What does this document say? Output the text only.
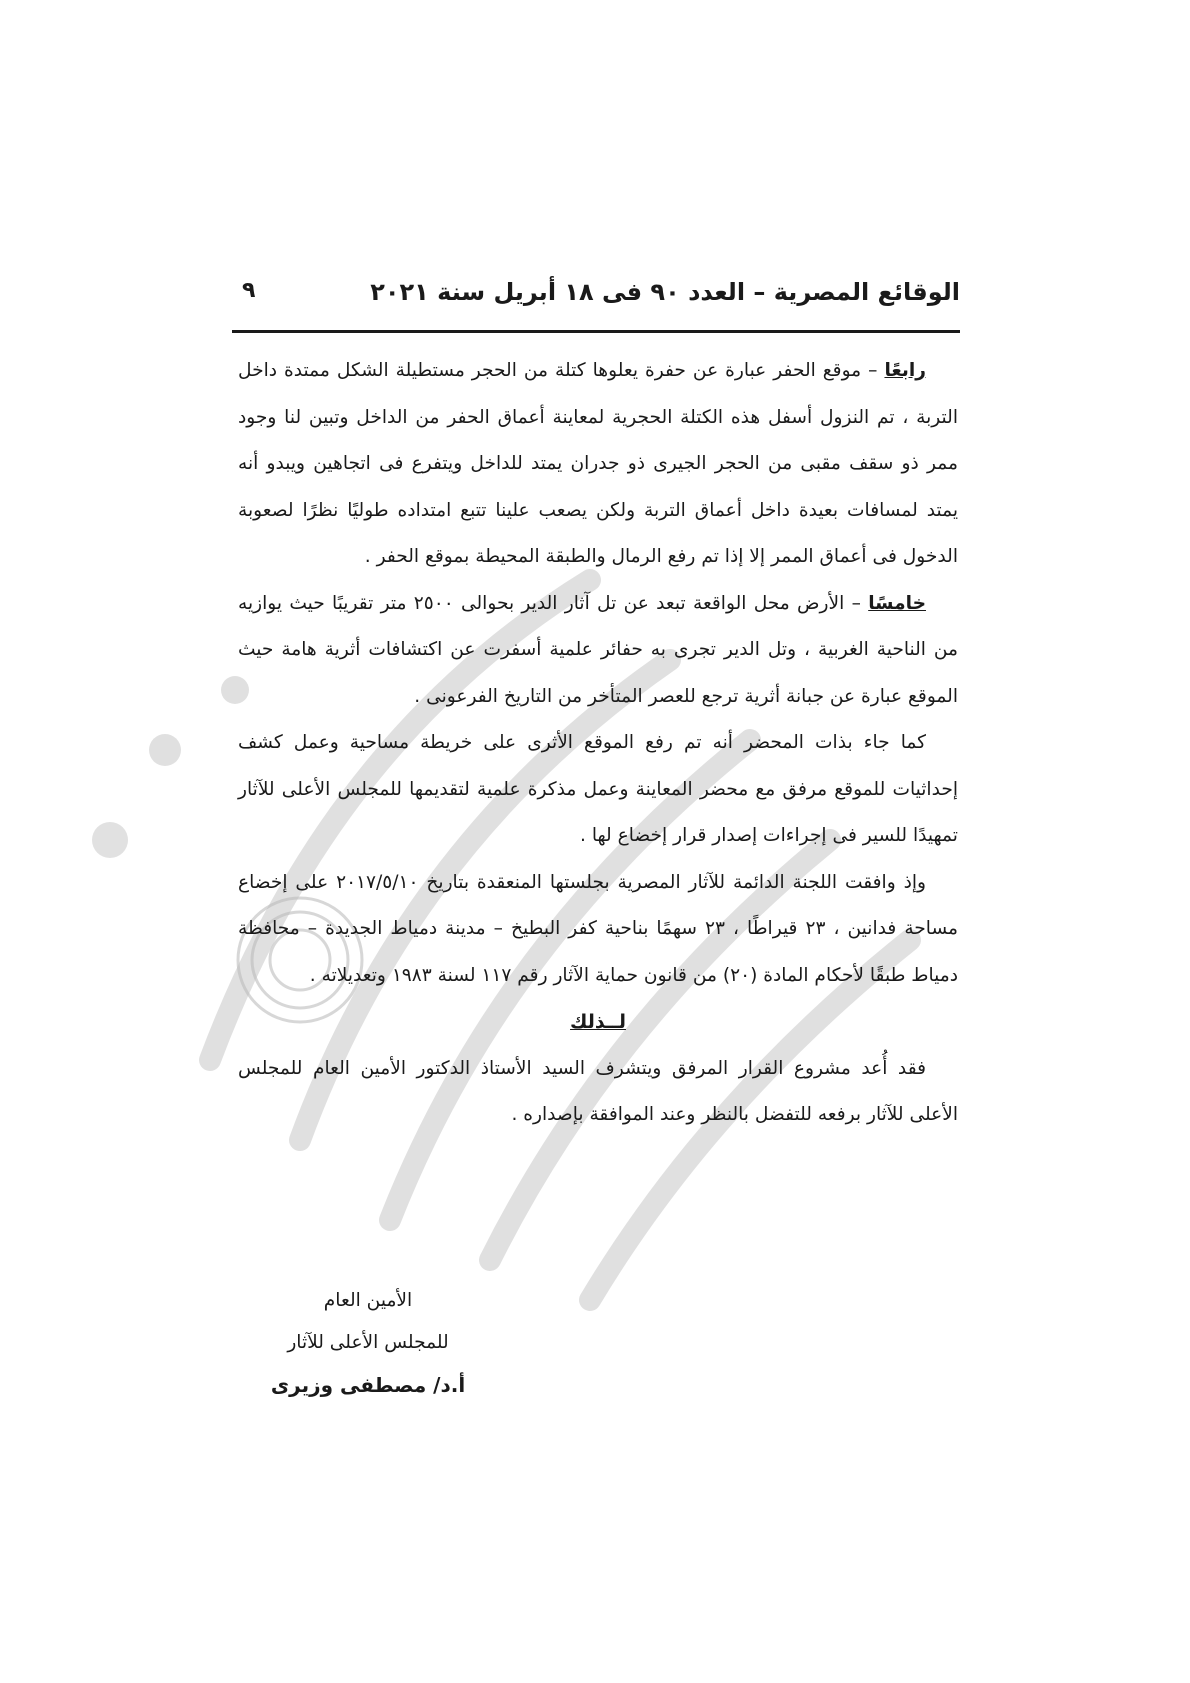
الوقائع المصرية – العدد ٩٠ فى ١٨ أبريل سنة ٢٠٢١
٩

رابعًا – موقع الحفر عبارة عن حفرة يعلوها كتلة من الحجر مستطيلة الشكل ممتدة داخل التربة ، تم النزول أسفل هذه الكتلة الحجرية لمعاينة أعماق الحفر من الداخل وتبين لنا وجود ممر ذو سقف مقبى من الحجر الجيرى ذو جدران يمتد للداخل ويتفرع فى اتجاهين ويبدو أنه يمتد لمسافات بعيدة داخل أعماق التربة ولكن يصعب علينا تتبع امتداده طوليًا نظرًا لصعوبة الدخول فى أعماق الممر إلا إذا تم رفع الرمال والطبقة المحيطة بموقع الحفر .

خامسًا – الأرض محل الواقعة تبعد عن تل آثار الدير بحوالى ٢٥٠٠ متر تقريبًا حيث يوازيه من الناحية الغربية ، وتل الدير تجرى به حفائر علمية أسفرت عن اكتشافات أثرية هامة حيث الموقع عبارة عن جبانة أثرية ترجع للعصر المتأخر من التاريخ الفرعونى .

كما جاء بذات المحضر أنه تم رفع الموقع الأثرى على خريطة مساحية وعمل كشف إحداثيات للموقع مرفق مع محضر المعاينة وعمل مذكرة علمية لتقديمها للمجلس الأعلى للآثار تمهيدًا للسير فى إجراءات إصدار قرار إخضاع لها .

وإذ وافقت اللجنة الدائمة للآثار المصرية بجلستها المنعقدة بتاريخ ٢٠١٧/٥/١٠ على إخضاع مساحة فدانين ، ٢٣ قيراطًا ، ٢٣ سهمًا بناحية كفر البطيخ – مدينة دمياط الجديدة – محافظة دمياط طبقًا لأحكام المادة (٢٠) من قانون حماية الآثار رقم ١١٧ لسنة ١٩٨٣ وتعديلاته .

لــذلك

فقد أُعد مشروع القرار المرفق ويتشرف السيد الأستاذ الدكتور الأمين العام للمجلس الأعلى للآثار برفعه للتفضل بالنظر وعند الموافقة بإصداره .

الأمين العام
للمجلس الأعلى للآثار
أ.د/ مصطفى وزيرى
